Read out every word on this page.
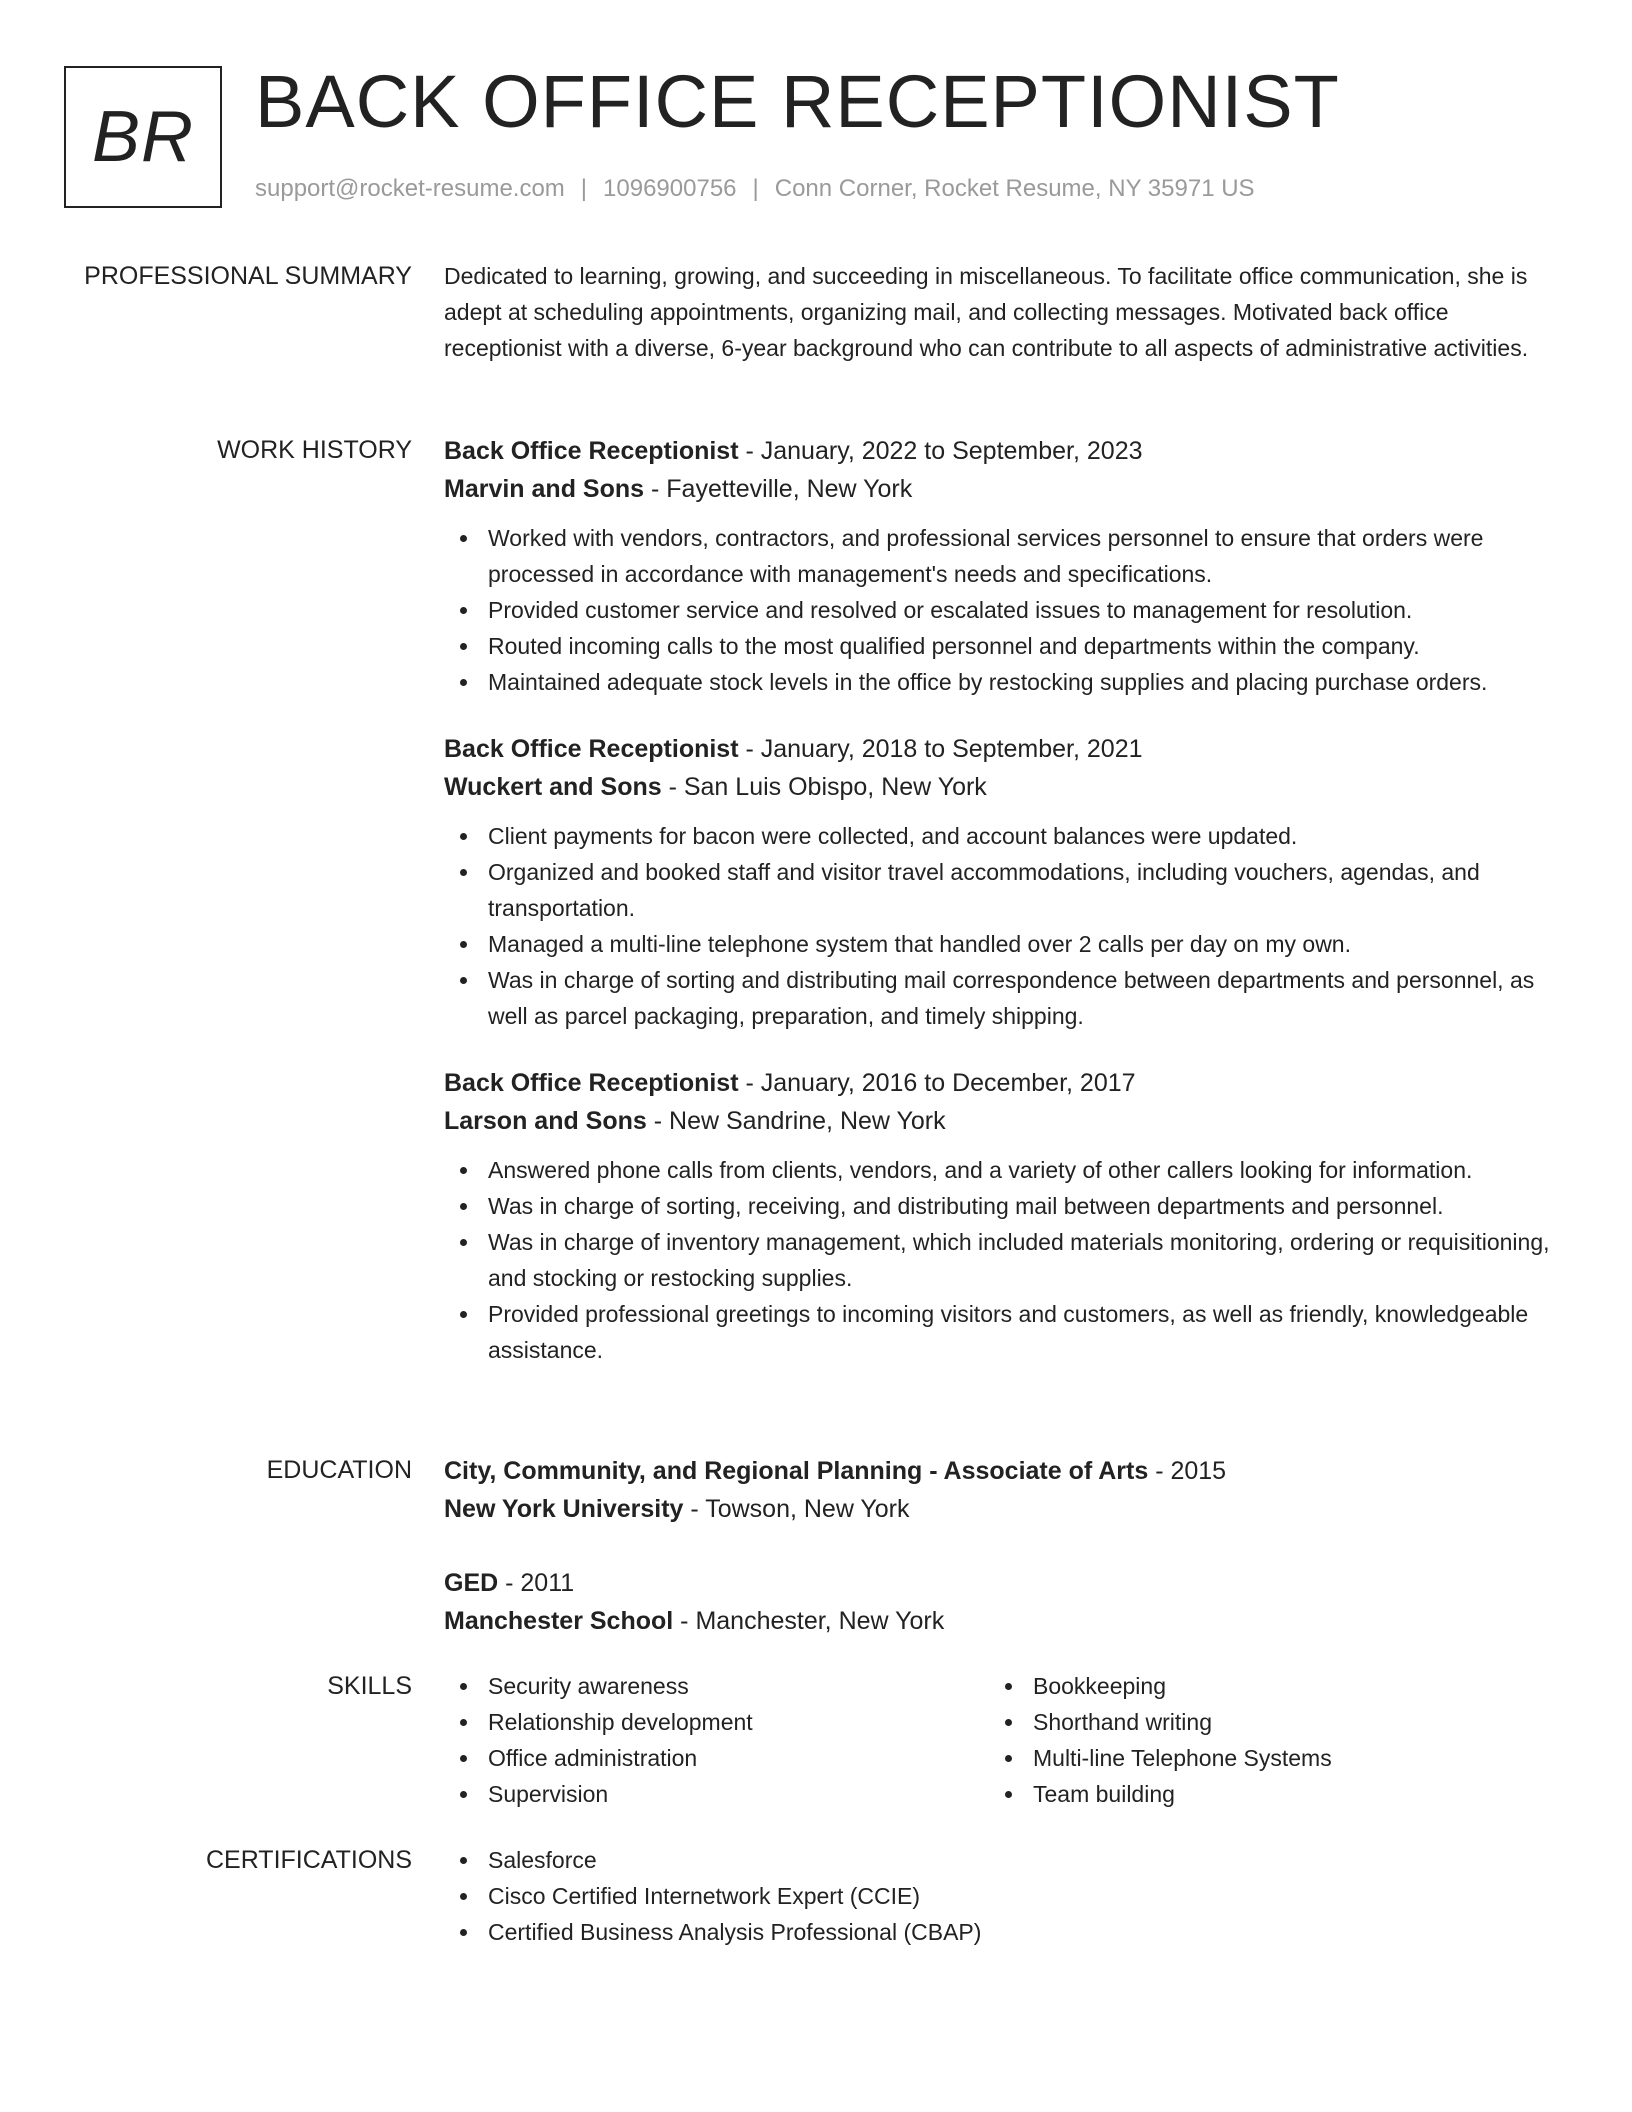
BR BACK OFFICE RECEPTIONIST
support@rocket-resume.com | 1096900756 | Conn Corner, Rocket Resume, NY 35971 US
PROFESSIONAL SUMMARY Dedicated to learning, growing, and succeeding in miscellaneous. To facilitate office communication, she is adept at scheduling appointments, organizing mail, and collecting messages. Motivated back office receptionist with a diverse, 6-year background who can contribute to all aspects of administrative activities.

WORK HISTORY Back Office Receptionist - January, 2022 to September, 2023
Marvin and Sons - Fayetteville, New York
Worked with vendors, contractors, and professional services personnel to ensure that orders were processed in accordance with management's needs and specifications.
Provided customer service and resolved or escalated issues to management for resolution.
Routed incoming calls to the most qualified personnel and departments within the company.
Maintained adequate stock levels in the office by restocking supplies and placing purchase orders.
Back Office Receptionist - January, 2018 to September, 2021
Wuckert and Sons - San Luis Obispo, New York
Client payments for bacon were collected, and account balances were updated.
Organized and booked staff and visitor travel accommodations, including vouchers, agendas, and transportation.
Managed a multi-line telephone system that handled over 2 calls per day on my own.
Was in charge of sorting and distributing mail correspondence between departments and personnel, as well as parcel packaging, preparation, and timely shipping.
Back Office Receptionist - January, 2016 to December, 2017
Larson and Sons - New Sandrine, New York
Answered phone calls from clients, vendors, and a variety of other callers looking for information.
Was in charge of sorting, receiving, and distributing mail between departments and personnel.
Was in charge of inventory management, which included materials monitoring, ordering or requisitioning, and stocking or restocking supplies.
Provided professional greetings to incoming visitors and customers, as well as friendly, knowledgeable assistance.
EDUCATION City, Community, and Regional Planning - Associate of Arts - 2015
New York University - Towson, New York
GED - 2011
Manchester School - Manchester, New York
SKILLS	Security awareness
Relationship development
Office administration
Supervision
Bookkeeping
Shorthand writing
Multi-line Telephone Systems
Team building
CERTIFICATIONS	Salesforce
Cisco Certified Internetwork Expert (CCIE)
Certified Business Analysis Professional (CBAP)
